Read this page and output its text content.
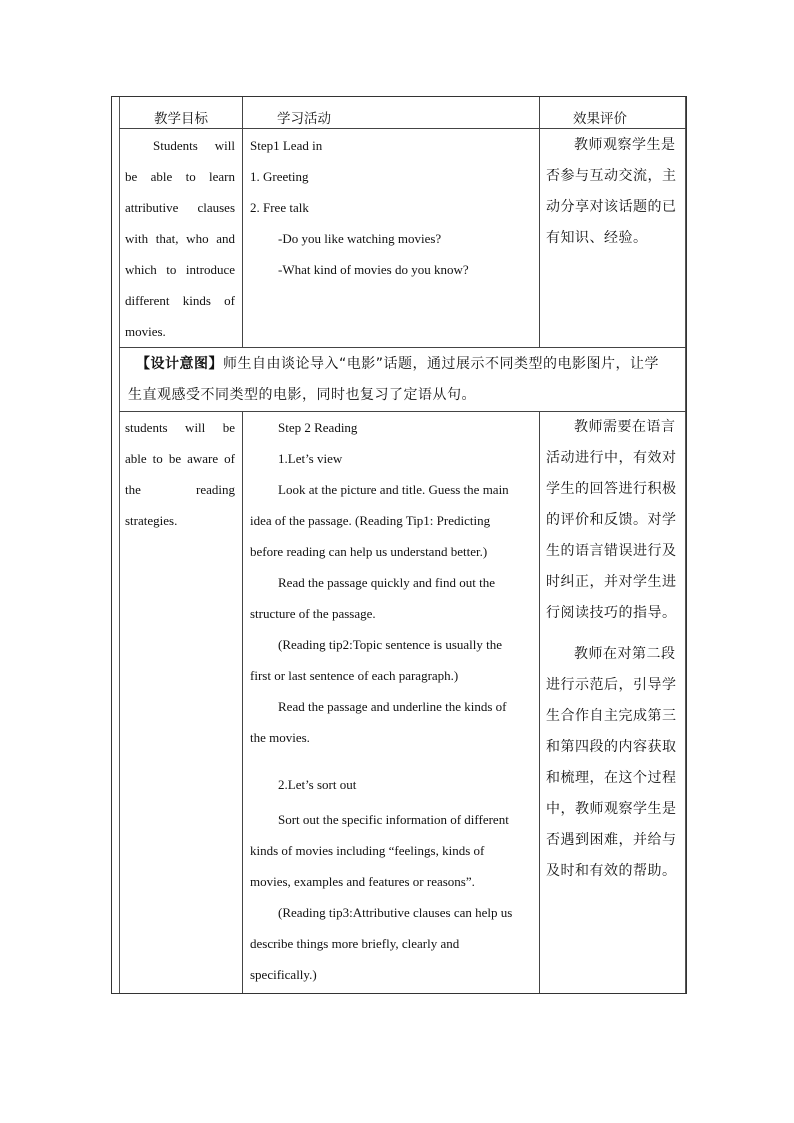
教学目标	学习活动	效果评价

Students will

be able to learn

attributive clauses

with that, who and

which to introduce

different kinds of

movies.

Step1 Lead in

1. Greeting

2. Free talk

-Do you like watching movies?

-What kind of movies do you know?

教师观察学生是

否参与互动交流，主

动分享对该话题的已

有知识、经验。

【设计意图】师生自由谈论导入“电影”话题，通过展示不同类型的电影图片，让学

生直观感受不同类型的电影，同时也复习了定语从句。

students will be

able to be aware of

the reading

strategies.

Step 2 Reading

1.Let’s view

Look at the picture and title. Guess the main

idea of the passage. (Reading Tip1: Predicting

before reading can help us understand better.)

Read the passage quickly and find out the

structure of the passage.

(Reading tip2:Topic sentence is usually the

first or last sentence of each paragraph.)

Read the passage and underline the kinds of

the movies.

2.Let’s sort out

Sort out the specific information of different

kinds of movies including “feelings, kinds of

movies, examples and features or reasons”.

(Reading tip3:Attributive clauses can help us

describe things more briefly, clearly and

specifically.)

教师需要在语言

活动进行中，有效对

学生的回答进行积极

的评价和反馈。对学

生的语言错误进行及

时纠正，并对学生进

行阅读技巧的指导。

教师在对第二段

进行示范后，引导学

生合作自主完成第三

和第四段的内容获取

和梳理，在这个过程

中，教师观察学生是

否遇到困难，并给与

及时和有效的帮助。
